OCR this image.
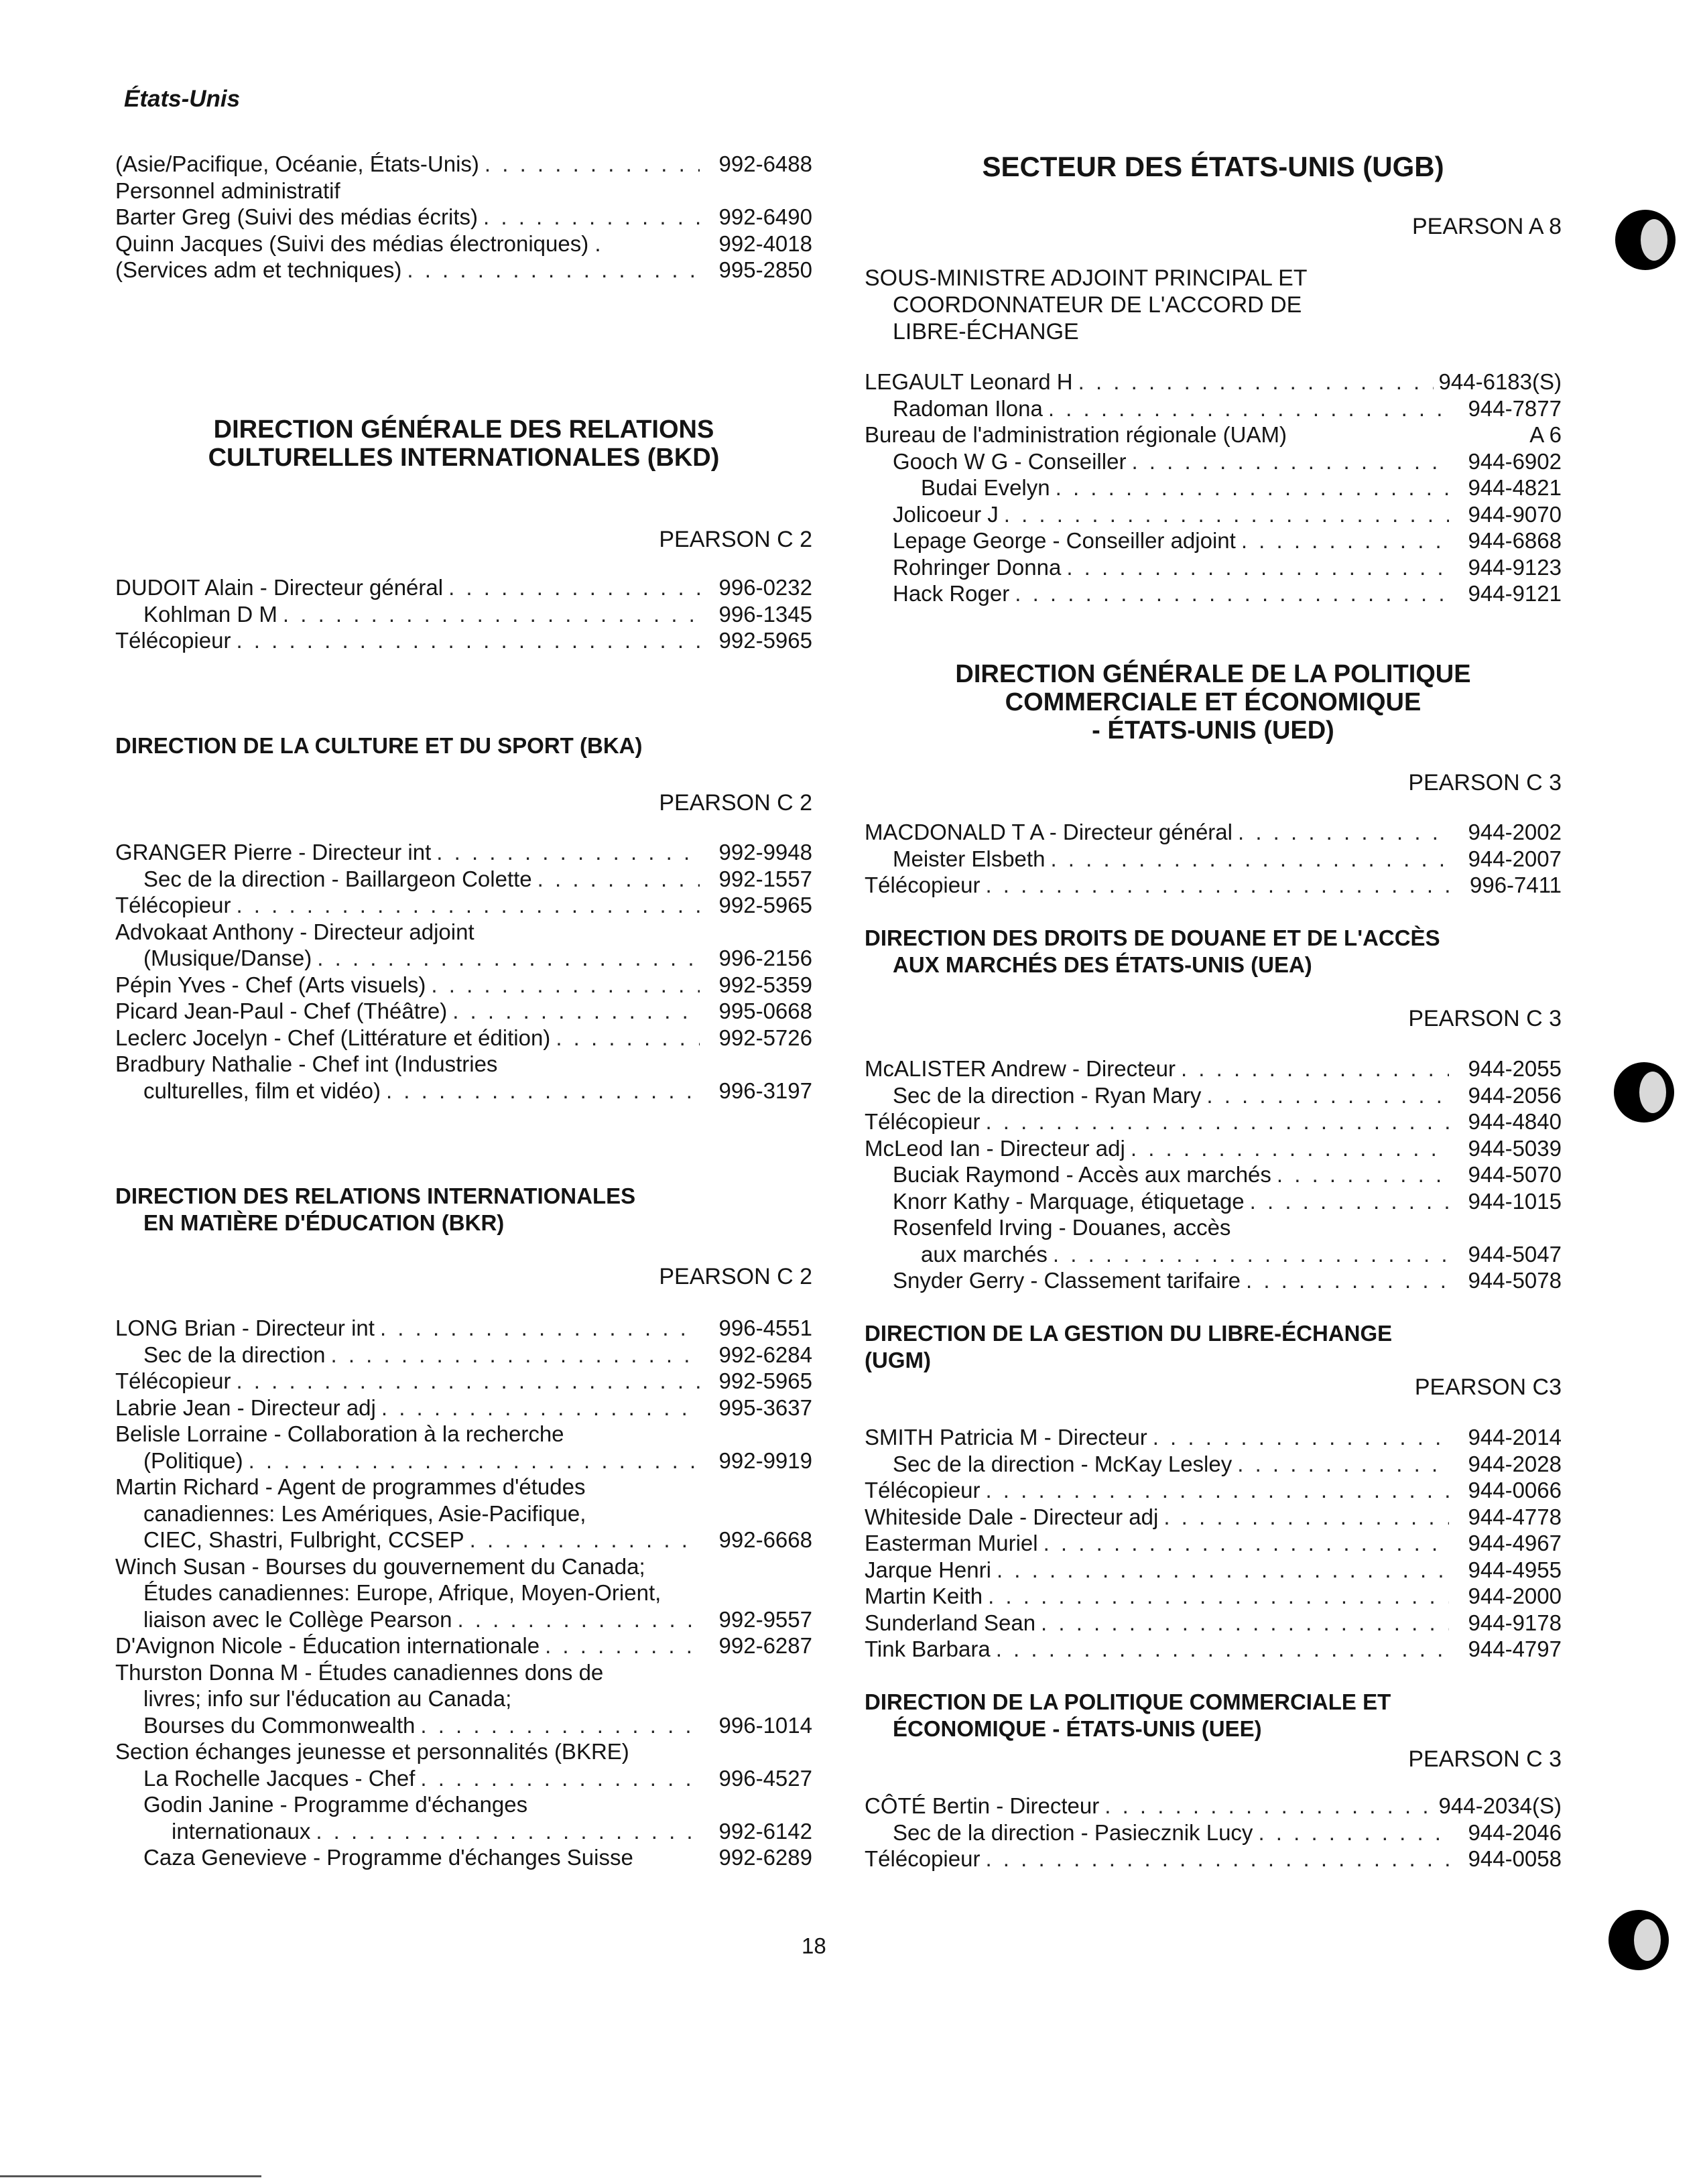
États-Unis
(Asie/Pacifique, Océanie, États-Unis) . . .	992-6488
Personnel administratif
Barter Greg (Suivi des médias écrits) . . .	992-6490
Quinn Jacques (Suivi des médias électroniques) .	992-4018
(Services adm et techniques) . . .	995-2850
DIRECTION GÉNÉRALE DES RELATIONS
CULTURELLES INTERNATIONALES (BKD)
PEARSON C 2
DUDOIT Alain - Directeur général . . .	996-0232
Kohlman D M . . .	996-1345
Télécopieur . . .	992-5965
DIRECTION DE LA CULTURE ET DU SPORT (BKA)
PEARSON C 2
GRANGER Pierre - Directeur int . . .	992-9948
Sec de la direction - Baillargeon Colette . . .	992-1557
Télécopieur . . .	992-5965
Advokaat Anthony - Directeur adjoint
(Musique/Danse) . . .	996-2156
Pépin Yves - Chef (Arts visuels) . . .	992-5359
Picard Jean-Paul - Chef (Théâtre) . . .	995-0668
Leclerc Jocelyn - Chef (Littérature et édition) . . .	992-5726
Bradbury Nathalie - Chef int (Industries
culturelles, film et vidéo) . . .	996-3197
DIRECTION DES RELATIONS INTERNATIONALES
EN MATIÈRE D'ÉDUCATION (BKR)
PEARSON C 2
LONG Brian - Directeur int . . .	996-4551
Sec de la direction . . .	992-6284
Télécopieur . . .	992-5965
Labrie Jean - Directeur adj . . .	995-3637
Belisle Lorraine - Collaboration à la recherche
(Politique) . . .	992-9919
Martin Richard - Agent de programmes d'études
canadiennes: Les Amériques, Asie-Pacifique,
CIEC, Shastri, Fulbright, CCSEP . . .	992-6668
Winch Susan - Bourses du gouvernement du Canada;
Études canadiennes: Europe, Afrique, Moyen-Orient,
liaison avec le Collège Pearson . . .	992-9557
D'Avignon Nicole - Éducation internationale . . .	992-6287
Thurston Donna M - Études canadiennes dons de
livres; info sur l'éducation au Canada;
Bourses du Commonwealth . . .	996-1014
Section échanges jeunesse et personnalités (BKRE)
La Rochelle Jacques - Chef . . .	996-4527
Godin Janine - Programme d'échanges
internationaux . . .	992-6142
Caza Genevieve - Programme d'échanges Suisse	992-6289
SECTEUR DES ÉTATS-UNIS (UGB)
PEARSON A 8
SOUS-MINISTRE ADJOINT PRINCIPAL ET
COORDONNATEUR DE L'ACCORD DE
LIBRE-ÉCHANGE
LEGAULT Leonard H . . .	944-6183(S)
Radoman Ilona . . .	944-7877
Bureau de l'administration régionale (UAM)	A 6
Gooch W G - Conseiller . . .	944-6902
Budai Evelyn . . .	944-4821
Jolicoeur J . . .	944-9070
Lepage George - Conseiller adjoint . . .	944-6868
Rohringer Donna . . .	944-9123
Hack Roger . . .	944-9121
DIRECTION GÉNÉRALE DE LA POLITIQUE
COMMERCIALE ET ÉCONOMIQUE
- ÉTATS-UNIS (UED)
PEARSON C 3
MACDONALD T A - Directeur général . . .	944-2002
Meister Elsbeth . . .	944-2007
Télécopieur . . .	996-7411
DIRECTION DES DROITS DE DOUANE ET DE L'ACCÈS
AUX MARCHÉS DES ÉTATS-UNIS (UEA)
PEARSON C 3
McALISTER Andrew - Directeur . . .	944-2055
Sec de la direction - Ryan Mary . . .	944-2056
Télécopieur . . .	944-4840
McLeod Ian - Directeur adj . . .	944-5039
Buciak Raymond - Accès aux marchés . . .	944-5070
Knorr Kathy - Marquage, étiquetage . . .	944-1015
Rosenfeld Irving - Douanes, accès
aux marchés . . .	944-5047
Snyder Gerry - Classement tarifaire . . .	944-5078
DIRECTION DE LA GESTION DU LIBRE-ÉCHANGE
(UGM)
PEARSON C3
SMITH Patricia M - Directeur . . .	944-2014
Sec de la direction - McKay Lesley . . .	944-2028
Télécopieur . . .	944-0066
Whiteside Dale - Directeur adj . . .	944-4778
Easterman Muriel . . .	944-4967
Jarque Henri . . .	944-4955
Martin Keith . . .	944-2000
Sunderland Sean . . .	944-9178
Tink Barbara . . .	944-4797
DIRECTION DE LA POLITIQUE COMMERCIALE ET
ÉCONOMIQUE - ÉTATS-UNIS (UEE)
PEARSON C 3
CÔTÉ Bertin - Directeur . . .	944-2034(S)
Sec de la direction - Pasiecznik Lucy . . .	944-2046
Télécopieur . . .	944-0058
18
